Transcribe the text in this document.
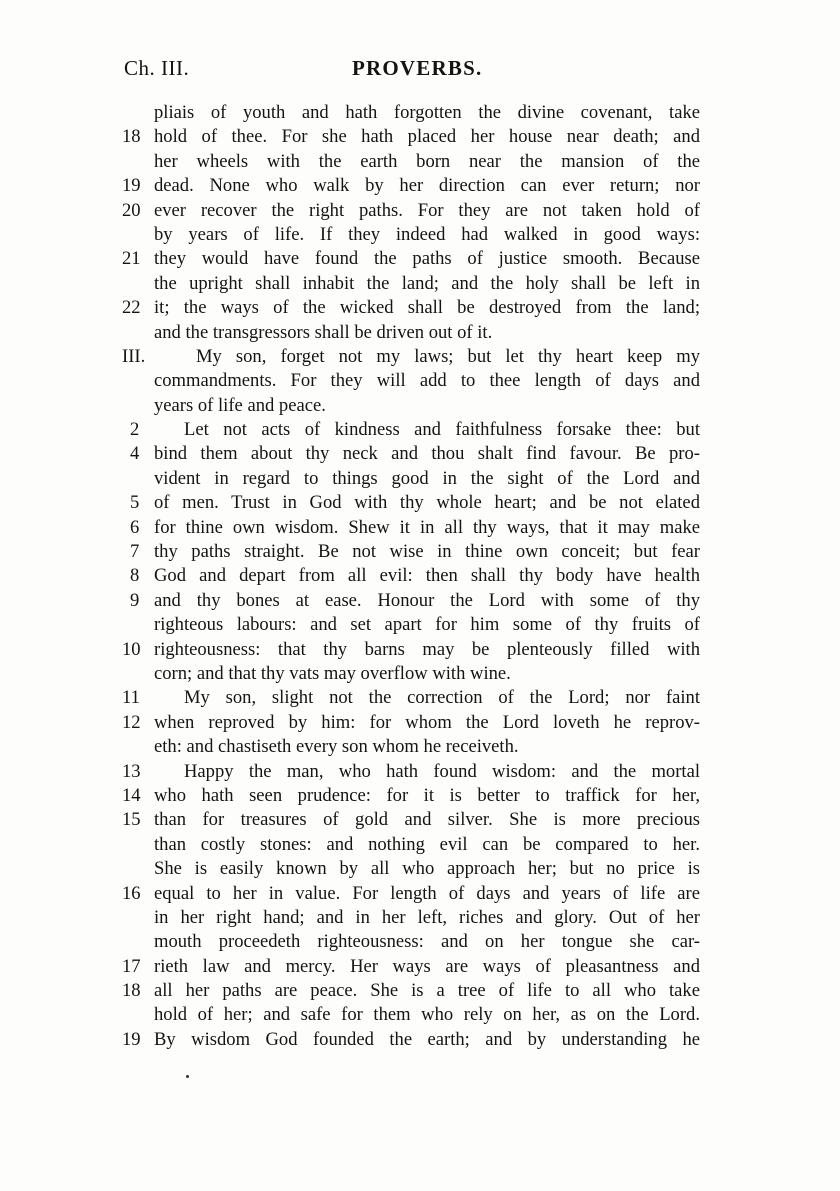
Ch. III.	PROVERBS.
pliais of youth and hath forgotten the divine covenant, take
18 hold of thee. For she hath placed her house near death; and
her wheels with the earth born near the mansion of the
19 dead. None who walk by her direction can ever return; nor
20 ever recover the right paths. For they are not taken hold of
by years of life. If they indeed had walked in good ways:
21 they would have found the paths of justice smooth. Because
the upright shall inhabit the land; and the holy shall be left in
22 it; the ways of the wicked shall be destroyed from the land;
and the transgressors shall be driven out of it.
III.	My son, forget not my laws; but let thy heart keep my
commandments. For they will add to thee length of days and
years of life and peace.
2	Let not acts of kindness and faithfulness forsake thee: but
4 bind them about thy neck and thou shalt find favour. Be pro-
vident in regard to things good in the sight of the Lord and
5 of men. Trust in God with thy whole heart; and be not elated
6 for thine own wisdom. Shew it in all thy ways, that it may make
7 thy paths straight. Be not wise in thine own conceit; but fear
8 God and depart from all evil: then shall thy body have health
9 and thy bones at ease. Honour the Lord with some of thy
righteous labours: and set apart for him some of thy fruits of
10 righteousness: that thy barns may be plenteously filled with
corn; and that thy vats may overflow with wine.
11	My son, slight not the correction of the Lord; nor faint
12 when reproved by him: for whom the Lord loveth he reprov-
eth: and chastiseth every son whom he receiveth.
13	Happy the man, who hath found wisdom: and the mortal
14 who hath seen prudence: for it is better to traffick for her,
15 than for treasures of gold and silver. She is more precious
than costly stones: and nothing evil can be compared to her.
She is easily known by all who approach her; but no price is
16 equal to her in value. For length of days and years of life are
in her right hand; and in her left, riches and glory. Out of her
mouth proceedeth righteousness: and on her tongue she car-
17 rieth law and mercy. Her ways are ways of pleasantness and
18 all her paths are peace. She is a tree of life to all who take
hold of her; and safe for them who rely on her, as on the Lord.
19 By wisdom God founded the earth; and by understanding he
